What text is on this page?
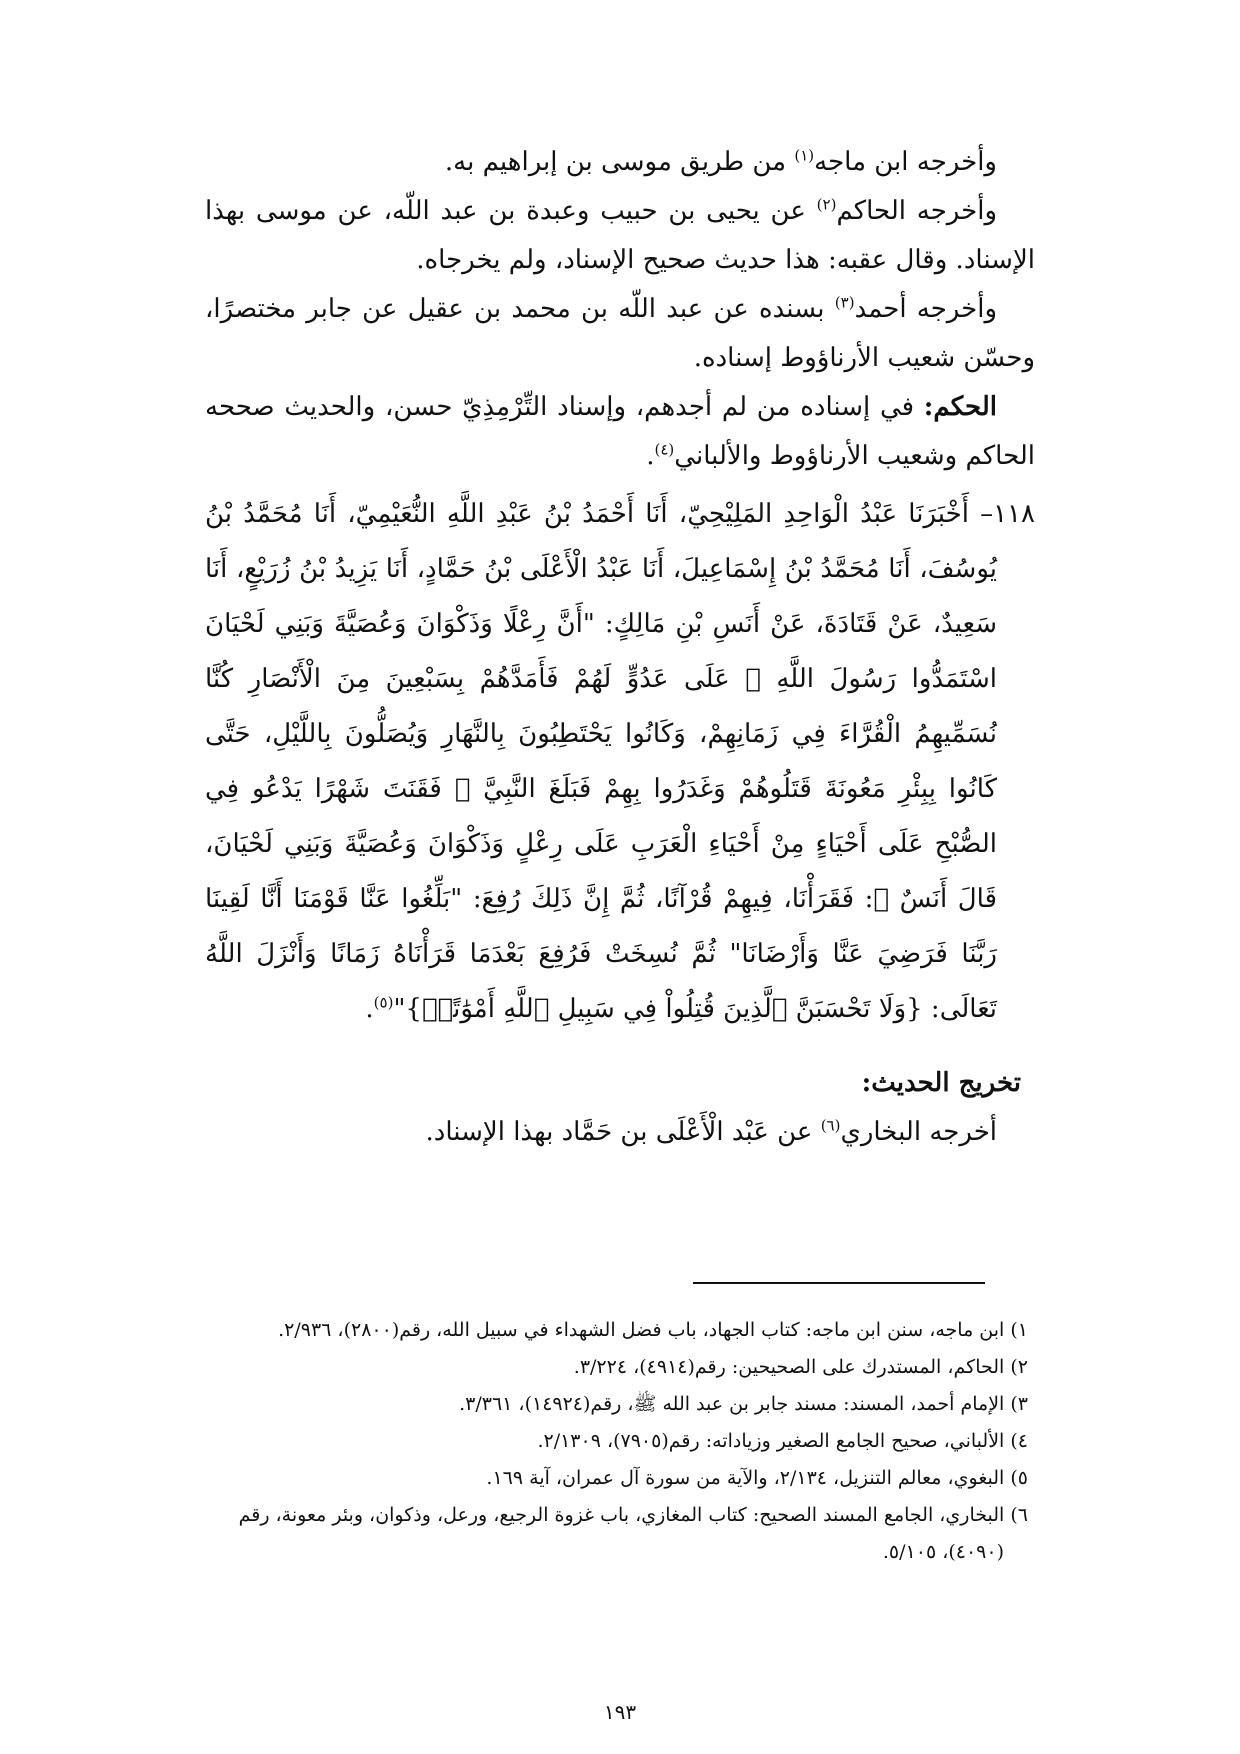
وأخرجه ابن ماجه$^{(١)}$ من طريق موسى بن إبراهيم به.

وأخرجه الحاكم$^{(٢)}$ عن يحيى بن حبيب وعبدة بن عبد اللّه، عن موسى بهذا الإسناد. وقال عقبه: هذا حديث صحيح الإسناد، ولم يخرجاه.

وأخرجه أحمد$^{(٣)}$ بسنده عن عبد اللّه بن محمد بن عقيل عن جابر مختصرًا، وحسّن شعيب الأرناؤوط إسناده.

الحكم: في إسناده من لم أجدهم، وإسناد التِّرْمِذِيّ حسن، والحديث صححه الحاكم وشعيب الأرناؤوط والألباني$^{(٤)}$.

١١٨– أَخْبَرَنَا عَبْدُ الْوَاحِدِ المَلِيْحِيّ، أَنَا أَحْمَدُ بْنُ عَبْدِ اللَّهِ النُّعَيْمِيّ، أَنَا مُحَمَّدُ بْنُ يُوسُفَ، أَنَا مُحَمَّدُ بْنُ إِسْمَاعِيلَ، أَنَا عَبْدُ الْأَعْلَى بْنُ حَمَّادٍ، أَنَا يَزِيدُ بْنُ زُرَيْعٍ، أَنَا سَعِيدٌ، عَنْ قَتَادَةَ، عَنْ أَنَسِ بْنِ مَالِكٍ: "أَنَّ رِعْلًا وَذَكْوَانَ وَعُصَيَّةَ وَبَنِي لَحْيَانَ اسْتَمَدُّوا رَسُولَ اللَّهِ ﷺ عَلَى عَدُوٍّ لَهُمْ فَأَمَدَّهُمْ بِسَبْعِينَ مِنَ الْأَنْصَارِ كُنَّا نُسَمِّيهِمُ الْقُرَّاءَ فِي زَمَانِهِمْ، وَكَانُوا يَحْتَطِبُونَ بِالنَّهَارِ وَيُصَلُّونَ بِاللَّيْلِ، حَتَّى كَانُوا بِبِئْرِ مَعُونَةَ قَتَلُوهُمْ وَغَدَرُوا بِهِمْ فَبَلَغَ النَّبِيَّ ﷺ فَقَنَتَ شَهْرًا يَدْعُو فِي الصُّبْحِ عَلَى أَحْيَاءٍ مِنْ أَحْيَاءِ الْعَرَبِ عَلَى رِعْلٍ وَذَكْوَانَ وَعُصَيَّةَ وَبَنِي لَحْيَانَ، قَالَ أَنَسٌ ﷺ: فَقَرَأْنَا، فِيهِمْ قُرْآنًا، ثُمَّ إِنَّ ذَلِكَ رُفِعَ: "بَلِّغُوا عَنَّا قَوْمَنَا أَنَّا لَقِينَا رَبَّنَا فَرَضِيَ عَنَّا وَأَرْضَانَا" ثُمَّ نُسِخَتْ فَرُفِعَ بَعْدَمَا قَرَأْنَاهُ زَمَانًا وَأَنْزَلَ اللَّهُ تَعَالَى: {وَلَا تَحْسَبَنَّ ٱلَّذِينَ قُتِلُواْ فِي سَبِيلِ ٱللَّهِ أَمْوَٰتًاۢ}"$^{(٥)}$.

تخريج الحديث:

أخرجه البخاري$^{(٦)}$ عن عَبْد الْأَعْلَى بن حَمَّاد بهذا الإسناد.

١) ابن ماجه، سنن ابن ماجه: كتاب الجهاد، باب فضل الشهداء في سبيل الله، رقم(٢٨٠٠)، ٢/٩٣٦.

٢) الحاكم، المستدرك على الصحيحين: رقم(٤٩١٤)، ٣/٢٢٤.

٣) الإمام أحمد، المسند: مسند جابر بن عبد الله ﷺ، رقم(١٤٩٢٤)، ٣/٣٦١.

٤) الألباني، صحيح الجامع الصغير وزياداته: رقم(٧٩٠٥)، ٢/١٣٠٩.

٥) البغوي، معالم التنزيل، ٢/١٣٤، والآية من سورة آل عمران، آية ١٦٩.

٦) البخاري، الجامع المسند الصحيح: كتاب المغازي، باب غزوة الرجيع، ورعل، وذكوان، وبئر معونة، رقم

(٤٠٩٠)، ٥/١٠٥.

١٩٣
